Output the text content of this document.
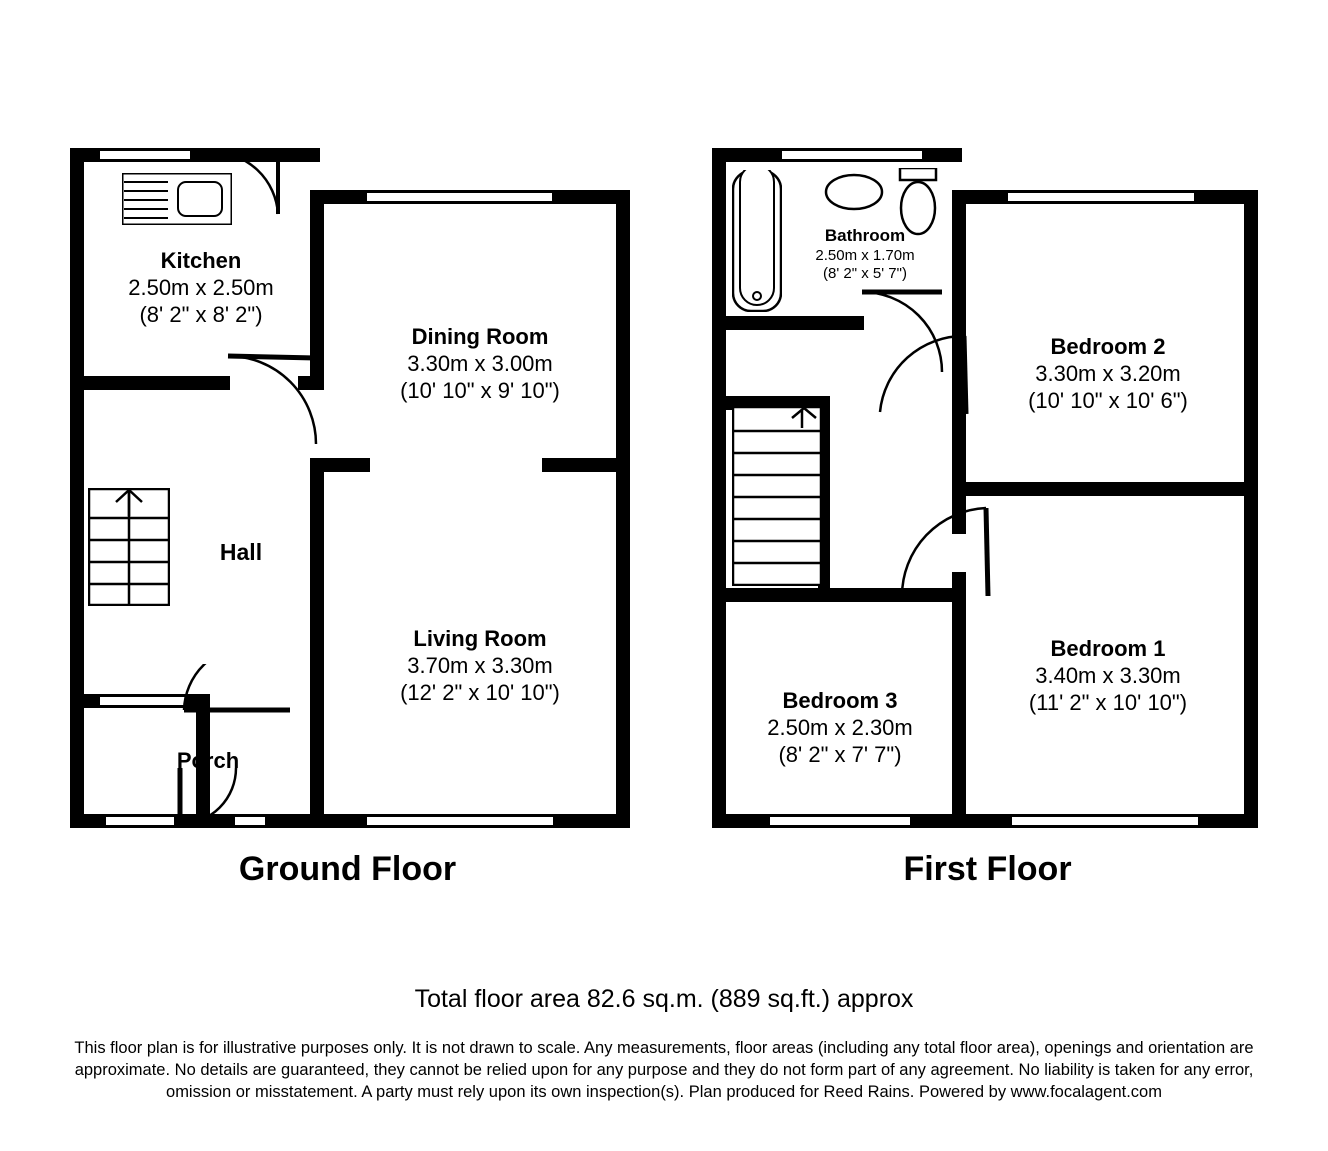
Kitchen
2.50m x 2.50m
(8' 2" x 8' 2")
Dining Room
3.30m x 3.00m
(10' 10" x 9' 10")
Hall
Living Room
3.70m x 3.30m
(12' 2" x 10' 10")
Porch
Ground Floor
Bathroom
2.50m x 1.70m
(8' 2" x 5' 7")
Bedroom 2
3.30m x 3.20m
(10' 10" x 10' 6")
Bedroom 1
3.40m x 3.30m
(11' 2" x 10' 10")
Bedroom 3
2.50m x 2.30m
(8' 2" x 7' 7")
First Floor
Total floor area 82.6 sq.m. (889 sq.ft.) approx
This floor plan is for illustrative purposes only. It is not drawn to scale. Any measurements, floor areas (including any total floor area), openings and orientation are approximate. No details are guaranteed, they cannot be relied upon for any purpose and they do not form part of any agreement. No liability is taken for any error, omission or misstatement. A party must rely upon its own inspection(s). Plan produced for Reed Rains. Powered by www.focalagent.com
